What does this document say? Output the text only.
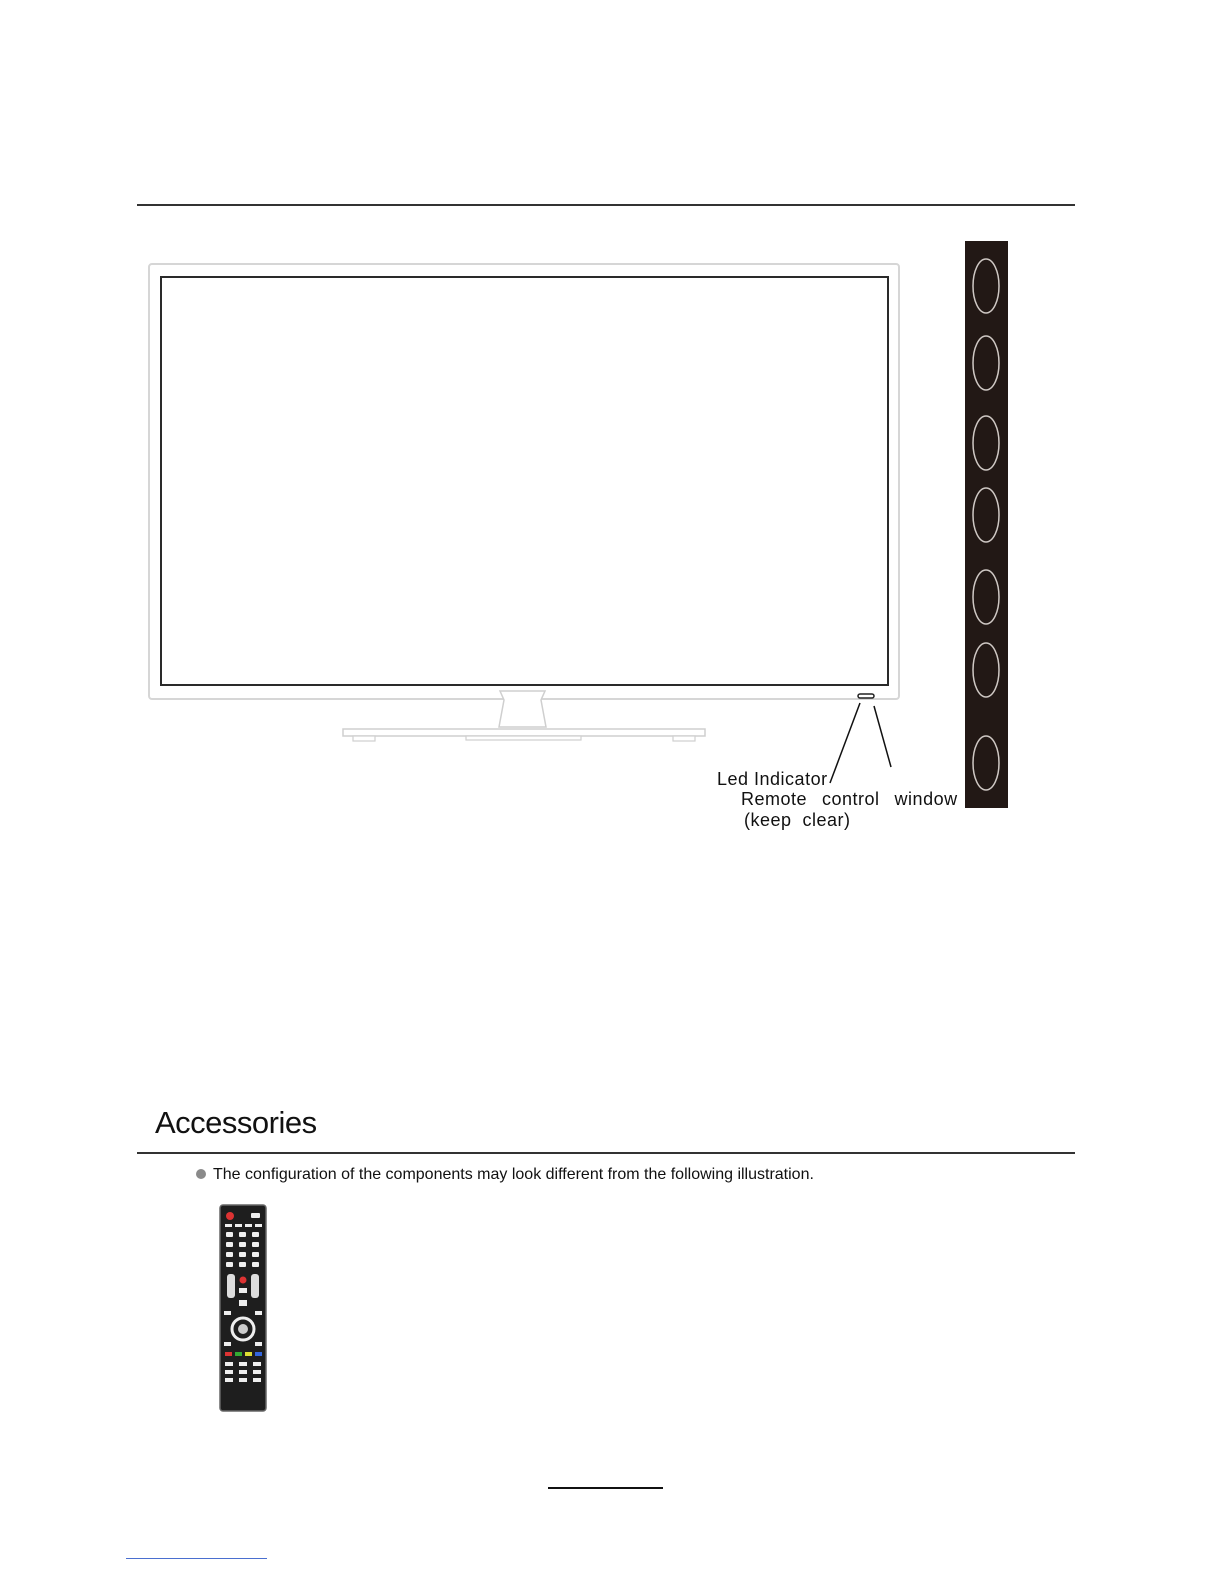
Led Indicator
Remote  control  window
(keep  clear)
Accessories
The configuration of the components may look different from the following illustration.
